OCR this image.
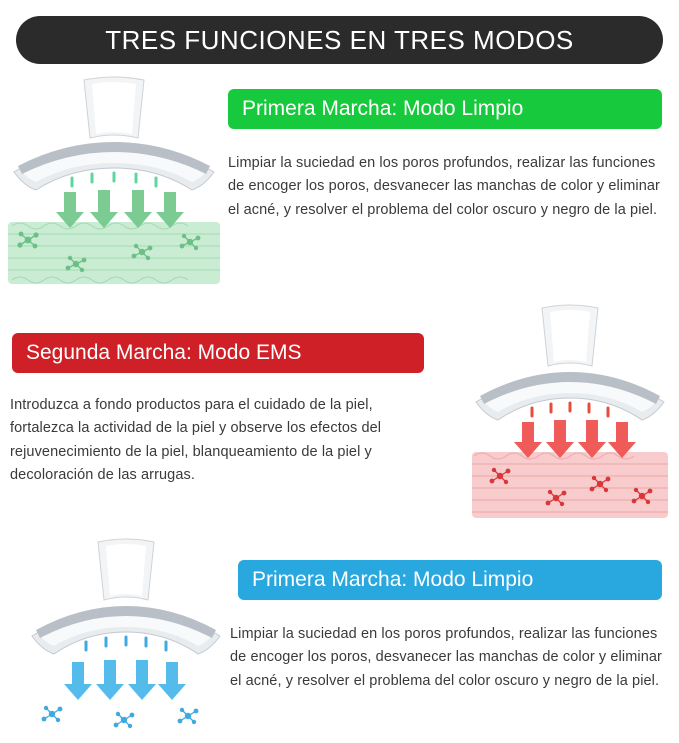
TRES FUNCIONES EN TRES MODOS
Primera Marcha: Modo Limpio
Limpiar la suciedad en los poros profundos, realizar las funciones de encoger los poros, desvanecer las manchas de color y eliminar el acné, y resolver el problema del color oscuro y negro de la piel.
Segunda Marcha: Modo EMS
Introduzca a fondo productos para el cuidado de la piel, fortalezca la actividad de la piel y observe los efectos del rejuvenecimiento de la piel, blanqueamiento de la piel y decoloración de las arrugas.
Primera Marcha: Modo Limpio
Limpiar la suciedad en los poros profundos, realizar las funciones de encoger los poros, desvanecer las manchas de color y eliminar el acné, y resolver el problema del color oscuro y negro de la piel.
